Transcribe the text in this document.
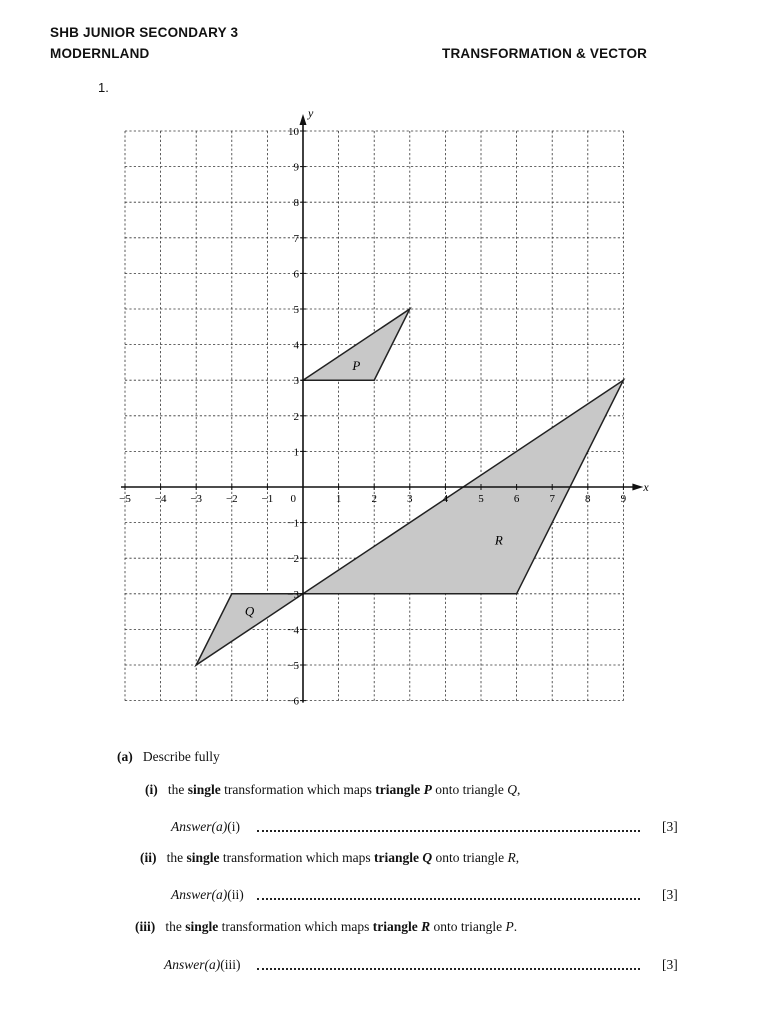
SHB JUNIOR SECONDARY 3
MODERNLAND	TRANSFORMATION & VECTOR
1.
P
Q
R
x
y
−5 −4 −3 −2 −1	1	2	3	4	5	6	7	8	9
10
9
8
7
6
5
4
3
2
1
−1
−2
−3
−4
−5
−6
0
(a) Describe fully
(i) the single transformation which maps triangle P onto triangle Q,
Answer(a)(i)	[3]
(ii) the single transformation which maps triangle Q onto triangle R,
Answer(a)(ii)	[3]
(iii) the single transformation which maps triangle R onto triangle P.
Answer(a)(iii)	[3]
